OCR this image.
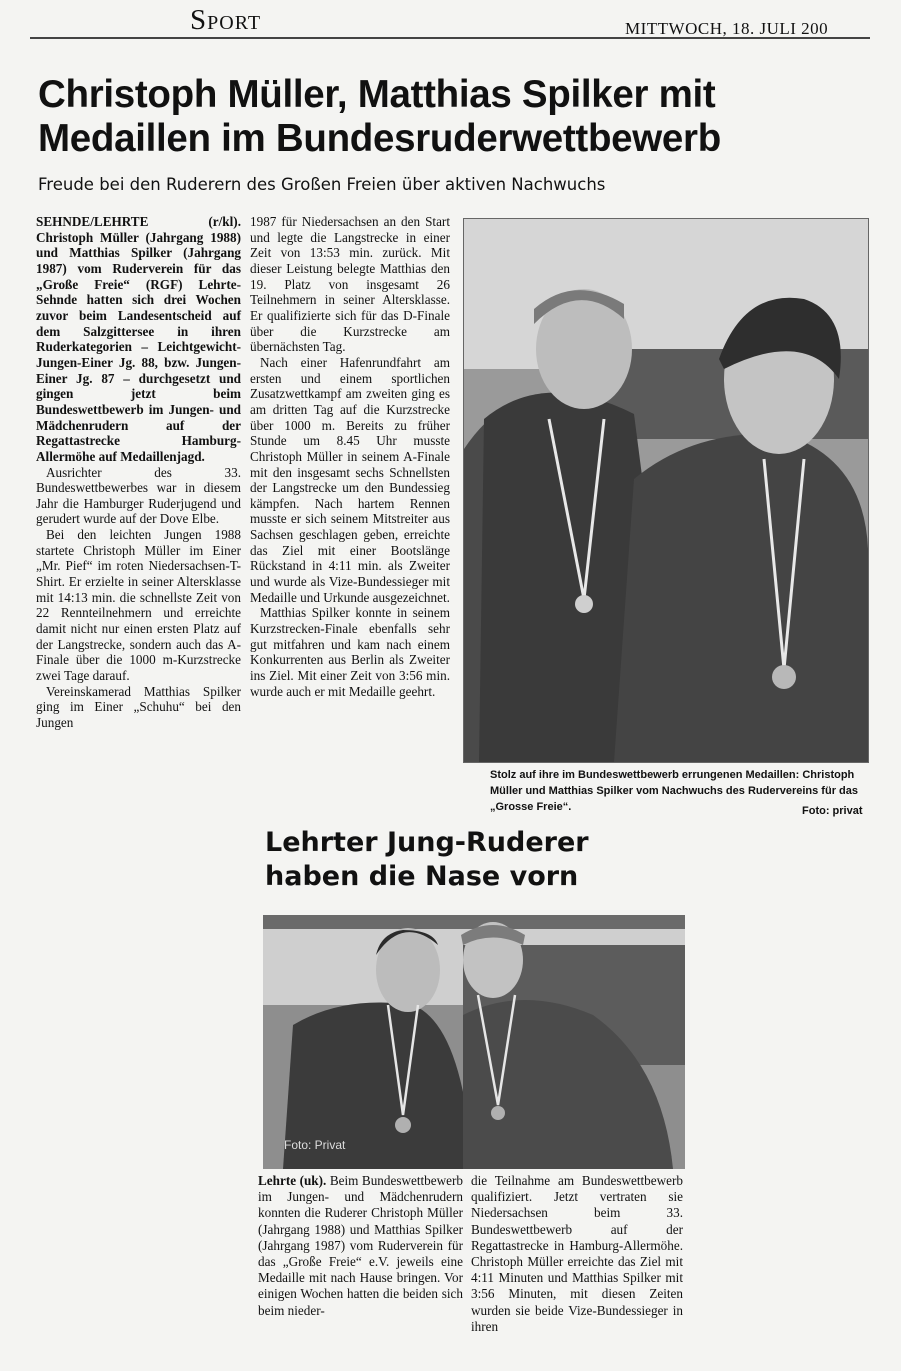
Sport	MITTWOCH, 18. JULI 200
Christoph Müller, Matthias Spilker mit Medaillen im Bundesruderwettbewerb
Freude bei den Ruderern des Großen Freien über aktiven Nachwuchs

SEHNDE/LEHRTE (r/kl). Christoph Müller (Jahrgang 1988) und Matthias Spilker (Jahrgang 1987) vom Ruderverein für das „Große Freie“ (RGF) Lehrte-Sehnde hatten sich drei Wochen zuvor beim Landesentscheid auf dem Salzgittersee in ihren Ruderkategorien – Leichtgewicht-Jungen-Einer Jg. 88, bzw. Jungen-Einer Jg. 87 – durchgesetzt und gingen jetzt beim Bundeswettbewerb im Jungen- und Mädchenrudern auf der Regattastrecke Hamburg-Allermöhe auf Medaillenjagd.

Ausrichter des 33. Bundeswettbewerbes war in diesem Jahr die Hamburger Ruderjugend und gerudert wurde auf der Dove Elbe.

Bei den leichten Jungen 1988 startete Christoph Müller im Einer „Mr. Pief“ im roten Niedersachsen-T-Shirt. Er erzielte in seiner Altersklasse mit 14:13 min. die schnellste Zeit von 22 Rennteilnehmern und erreichte damit nicht nur einen ersten Platz auf der Langstrecke, sondern auch das A-Finale über die 1000 m-Kurzstrecke zwei Tage darauf.

Vereinskamerad Matthias Spilker ging im Einer „Schuhu“ bei den Jungen

1987 für Niedersachsen an den Start und legte die Langstrecke in einer Zeit von 13:53 min. zurück. Mit dieser Leistung belegte Matthias den 19. Platz von insgesamt 26 Teilnehmern in seiner Altersklasse. Er qualifizierte sich für das D-Finale über die Kurzstrecke am übernächsten Tag.

Nach einer Hafenrundfahrt am ersten und einem sportlichen Zusatzwettkampf am zweiten ging es am dritten Tag auf die Kurzstrecke über 1000 m. Bereits zu früher Stunde um 8.45 Uhr musste Christoph Müller in seinem A-Finale mit den insgesamt sechs Schnellsten der Langstrecke um den Bundessieg kämpfen. Nach hartem Rennen musste er sich seinem Mitstreiter aus Sachsen geschlagen geben, erreichte das Ziel mit einer Bootslänge Rückstand in 4:11 min. als Zweiter und wurde als Vize-Bundessieger mit Medaille und Urkunde ausgezeichnet.

Matthias Spilker konnte in seinem Kurzstrecken-Finale ebenfalls sehr gut mitfahren und kam nach einem Konkurrenten aus Berlin als Zweiter ins Ziel. Mit einer Zeit von 3:56 min. wurde auch er mit Medaille geehrt.

Stolz auf ihre im Bundeswettbewerb errungenen Medaillen: Christoph Müller und Matthias Spilker vom Nachwuchs des Rudervereins für das „Grosse Freie“.	Foto: privat
Lehrter Jung-Ruderer haben die Nase vorn
Foto: Privat

Lehrte (uk). Beim Bundeswettbewerb im Jungen- und Mädchenrudern konnten die Ruderer Christoph Müller (Jahrgang 1988) und Matthias Spilker (Jahrgang 1987) vom Ruderverein für das „Große Freie“ e.V. jeweils eine Medaille mit nach Hause bringen. Vor einigen Wochen hatten die beiden sich beim nieder-

die Teilnahme am Bundeswettbewerb qualifiziert. Jetzt vertraten sie Niedersachsen beim 33. Bundeswettbewerb auf der Regattastrecke in Hamburg-Allermöhe. Christoph Müller erreichte das Ziel mit 4:11 Minuten und Matthias Spilker mit 3:56 Minuten, mit diesen Zeiten wurden sie beide Vize-Bundessieger in ihren
